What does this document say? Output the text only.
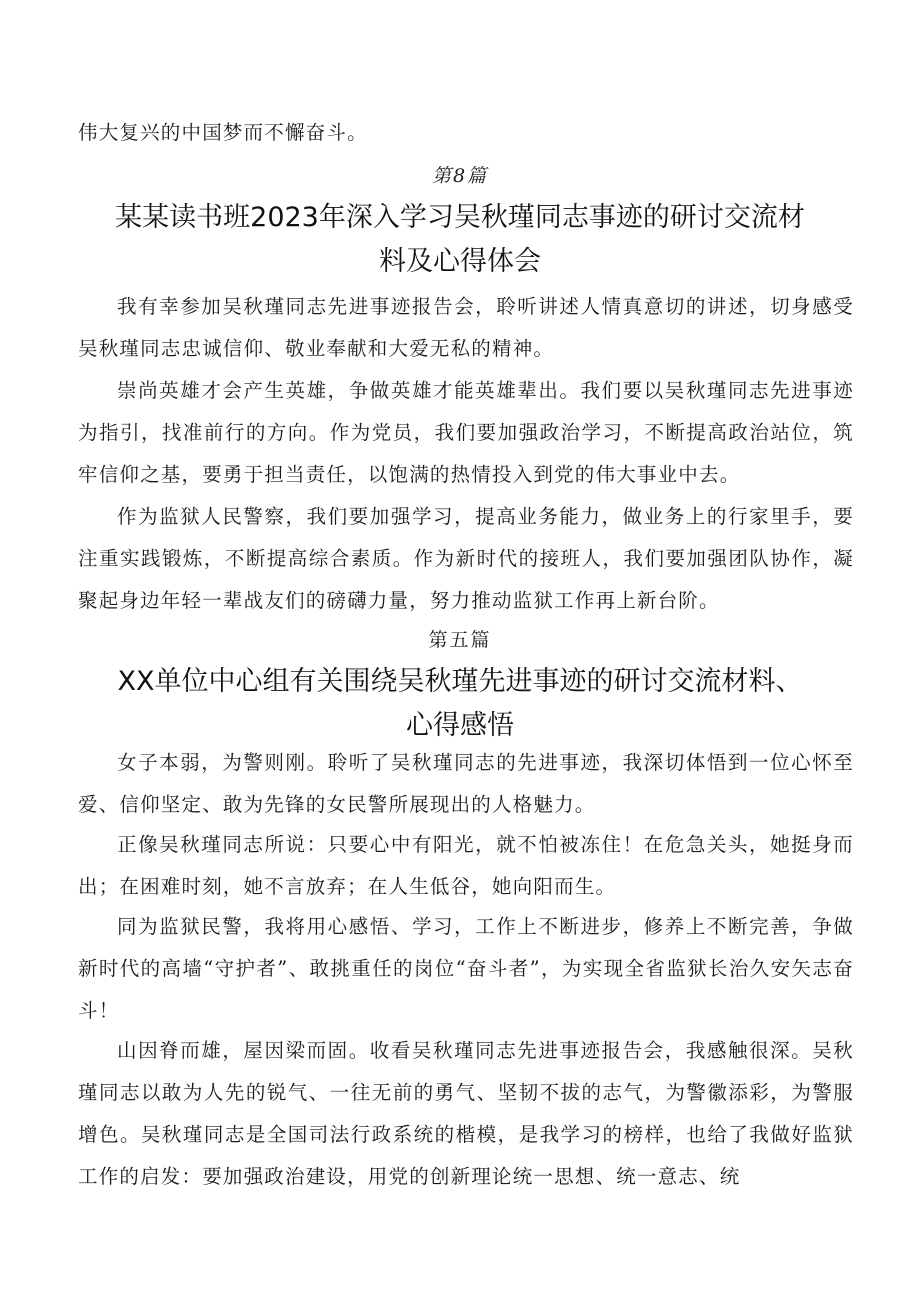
伟大复兴的中国梦而不懈奋斗。

第8篇

某某读书班2023年深入学习吴秋瑾同志事迹的研讨交流材料及心得体会

我有幸参加吴秋瑾同志先进事迹报告会，聆听讲述人情真意切的讲述，切身感受吴秋瑾同志忠诚信仰、敬业奉献和大爱无私的精神。

崇尚英雄才会产生英雄，争做英雄才能英雄辈出。我们要以吴秋瑾同志先进事迹为指引，找准前行的方向。作为党员，我们要加强政治学习，不断提高政治站位，筑牢信仰之基，要勇于担当责任，以饱满的热情投入到党的伟大事业中去。

作为监狱人民警察，我们要加强学习，提高业务能力，做业务上的行家里手，要注重实践锻炼，不断提高综合素质。作为新时代的接班人，我们要加强团队协作，凝聚起身边年轻一辈战友们的磅礴力量，努力推动监狱工作再上新台阶。

第五篇

XX单位中心组有关围绕吴秋瑾先进事迹的研讨交流材料、心得感悟

女子本弱，为警则刚。聆听了吴秋瑾同志的先进事迹，我深切体悟到一位心怀至爱、信仰坚定、敢为先锋的女民警所展现出的人格魅力。

正像吴秋瑾同志所说：只要心中有阳光，就不怕被冻住！在危急关头，她挺身而出；在困难时刻，她不言放弃；在人生低谷，她向阳而生。

同为监狱民警，我将用心感悟、学习，工作上不断进步，修养上不断完善，争做新时代的高墙“守护者”、敢挑重任的岗位“奋斗者”，为实现全省监狱长治久安矢志奋斗！

山因脊而雄，屋因梁而固。收看吴秋瑾同志先进事迹报告会，我感触很深。吴秋瑾同志以敢为人先的锐气、一往无前的勇气、坚韧不拔的志气，为警徽添彩，为警服增色。吴秋瑾同志是全国司法行政系统的楷模，是我学习的榜样，也给了我做好监狱工作的启发：要加强政治建设，用党的创新理论统一思想、统一意志、统
